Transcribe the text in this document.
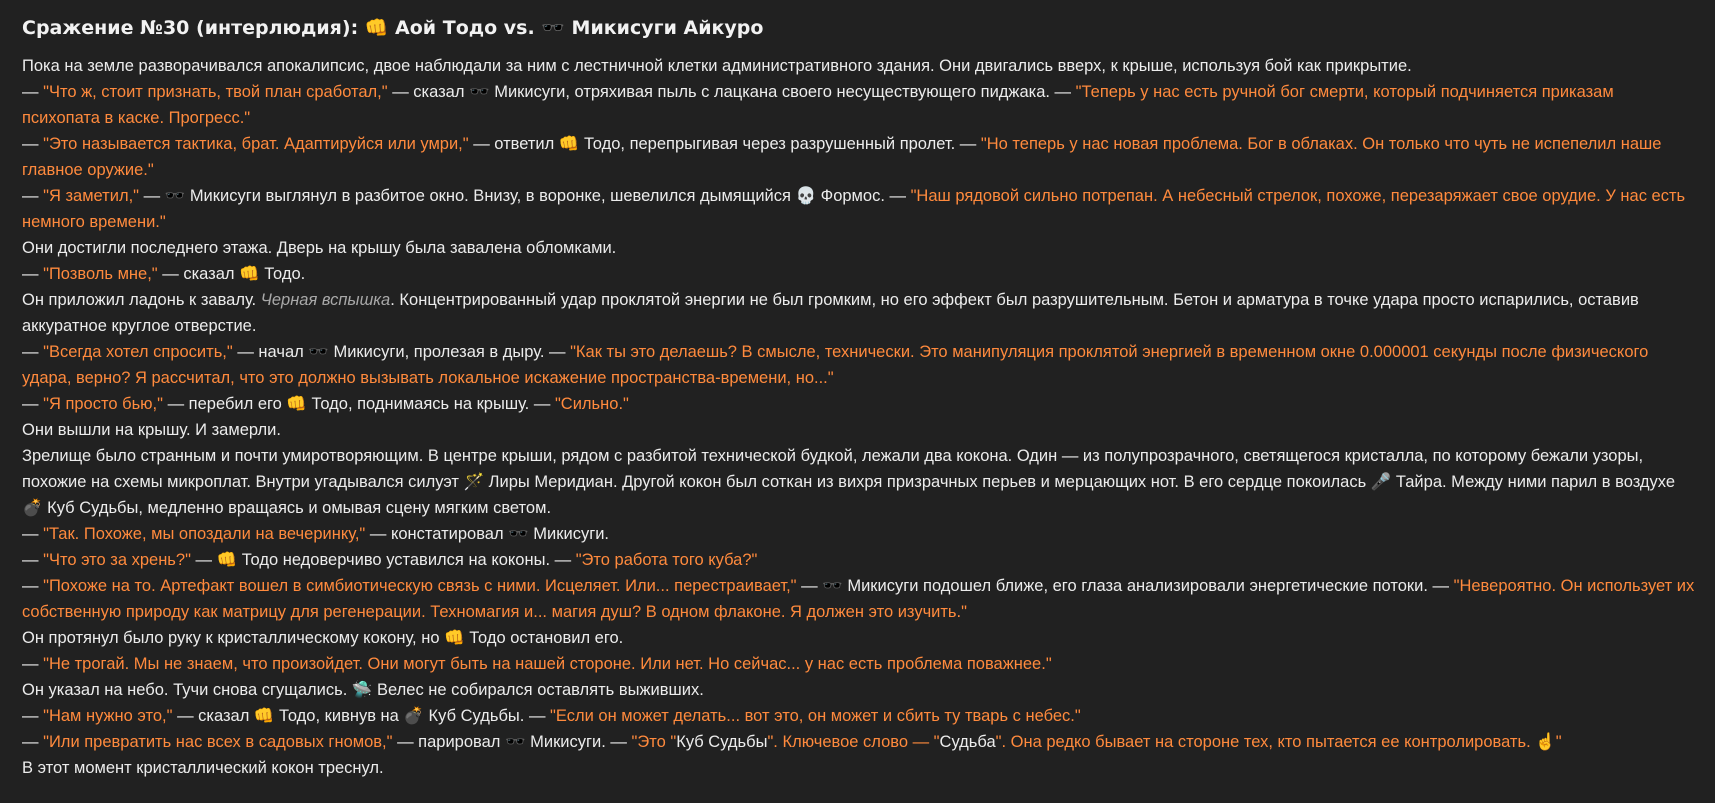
Сражение №30 (интерлюдия): 👊 Аой Тодо vs. 🕶️ Микисуги Айкуро

Пока на земле разворачивался апокалипсис, двое наблюдали за ним с лестничной клетки административного здания. Они двигались вверх, к крыше, используя бой как прикрытие.

— "Что ж, стоит признать, твой план сработал," — сказал 🕶️ Микисуги, отряхивая пыль с лацкана своего несуществующего пиджака. — "Теперь у нас есть ручной бог смерти, который подчиняется приказам психопата в каске. Прогресс."

— "Это называется тактика, брат. Адаптируйся или умри," — ответил 👊 Тодо, перепрыгивая через разрушенный пролет. — "Но теперь у нас новая проблема. Бог в облаках. Он только что чуть не испепелил наше главное оружие."

— "Я заметил," — 🕶️ Микисуги выглянул в разбитое окно. Внизу, в воронке, шевелился дымящийся 💀 Формос. — "Наш рядовой сильно потрепан. А небесный стрелок, похоже, перезаряжает свое орудие. У нас есть немного времени."

Они достигли последнего этажа. Дверь на крышу была завалена обломками.

— "Позволь мне," — сказал 👊 Тодо.

Он приложил ладонь к завалу. Черная вспышка. Концентрированный удар проклятой энергии не был громким, но его эффект был разрушительным. Бетон и арматура в точке удара просто испарились, оставив аккуратное круглое отверстие.

— "Всегда хотел спросить," — начал 🕶️ Микисуги, пролезая в дыру. — "Как ты это делаешь? В смысле, технически. Это манипуляция проклятой энергией в временном окне 0.000001 секунды после физического удара, верно? Я рассчитал, что это должно вызывать локальное искажение пространства-времени, но..."

— "Я просто бью," — перебил его 👊 Тодо, поднимаясь на крышу. — "Сильно."

Они вышли на крышу. И замерли.

Зрелище было странным и почти умиротворяющим. В центре крыши, рядом с разбитой технической будкой, лежали два кокона. Один — из полупрозрачного, светящегося кристалла, по которому бежали узоры, похожие на схемы микроплат. Внутри угадывался силуэт 🪄 Лиры Меридиан. Другой кокон был соткан из вихря призрачных перьев и мерцающих нот. В его сердце покоилась 🎤 Тайра. Между ними парил в воздухе 💣 Куб Судьбы, медленно вращаясь и омывая сцену мягким светом.

— "Так. Похоже, мы опоздали на вечеринку," — констатировал 🕶️ Микисуги.

— "Что это за хрень?" — 👊 Тодо недоверчиво уставился на коконы. — "Это работа того куба?"

— "Похоже на то. Артефакт вошел в симбиотическую связь с ними. Исцеляет. Или... перестраивает," — 🕶️ Микисуги подошел ближе, его глаза анализировали энергетические потоки. — "Невероятно. Он использует их собственную природу как матрицу для регенерации. Техномагия и... магия душ? В одном флаконе. Я должен это изучить."

Он протянул было руку к кристаллическому кокону, но 👊 Тодо остановил его.

— "Не трогай. Мы не знаем, что произойдет. Они могут быть на нашей стороне. Или нет. Но сейчас... у нас есть проблема поважнее."

Он указал на небо. Тучи снова сгущались. 🛸 Велес не собирался оставлять выживших.

— "Нам нужно это," — сказал 👊 Тодо, кивнув на 💣 Куб Судьбы. — "Если он может делать... вот это, он может и сбить ту тварь с небес."

— "Или превратить нас всех в садовых гномов," — парировал 🕶️ Микисуги. — "Это "Куб Судьбы". Ключевое слово — "Судьба". Она редко бывает на стороне тех, кто пытается ее контролировать. ☝️"

В этот момент кристаллический кокон треснул.
